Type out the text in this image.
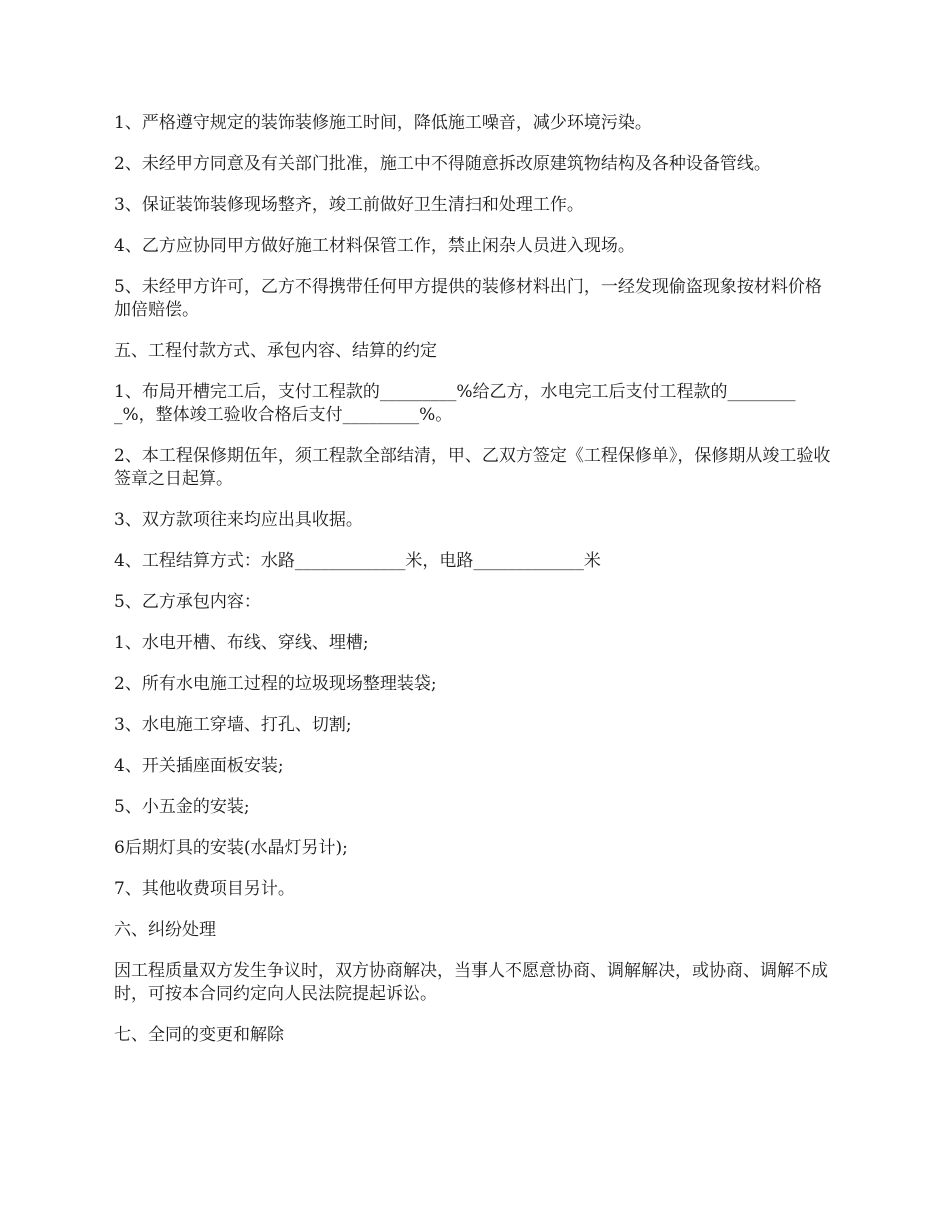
1、严格遵守规定的装饰装修施工时间，降低施工噪音，减少环境污染。

2、未经甲方同意及有关部门批准，施工中不得随意拆改原建筑物结构及各种设备管线。

3、保证装饰装修现场整齐，竣工前做好卫生清扫和处理工作。

4、乙方应协同甲方做好施工材料保管工作，禁止闲杂人员进入现场。

5、未经甲方许可，乙方不得携带任何甲方提供的装修材料出门，一经发现偷盗现象按材料价格加倍赔偿。

五、工程付款方式、承包内容、结算的约定

1、布局开槽完工后，支付工程款的_________%给乙方，水电完工后支付工程款的_________%，整体竣工验收合格后支付_________%。

2、本工程保修期伍年，须工程款全部结清，甲、乙双方签定《工程保修单》，保修期从竣工验收签章之日起算。

3、双方款项往来均应出具收据。

4、工程结算方式：水路_____________米，电路_____________米

5、乙方承包内容：

1、水电开槽、布线、穿线、埋槽;

2、所有水电施工过程的垃圾现场整理装袋;

3、水电施工穿墙、打孔、切割;

4、开关插座面板安装;

5、小五金的安装;

6后期灯具的安装(水晶灯另计);

7、其他收费项目另计。

六、纠纷处理

因工程质量双方发生争议时，双方协商解决，当事人不愿意协商、调解解决，或协商、调解不成时，可按本合同约定向人民法院提起诉讼。

七、全同的变更和解除
